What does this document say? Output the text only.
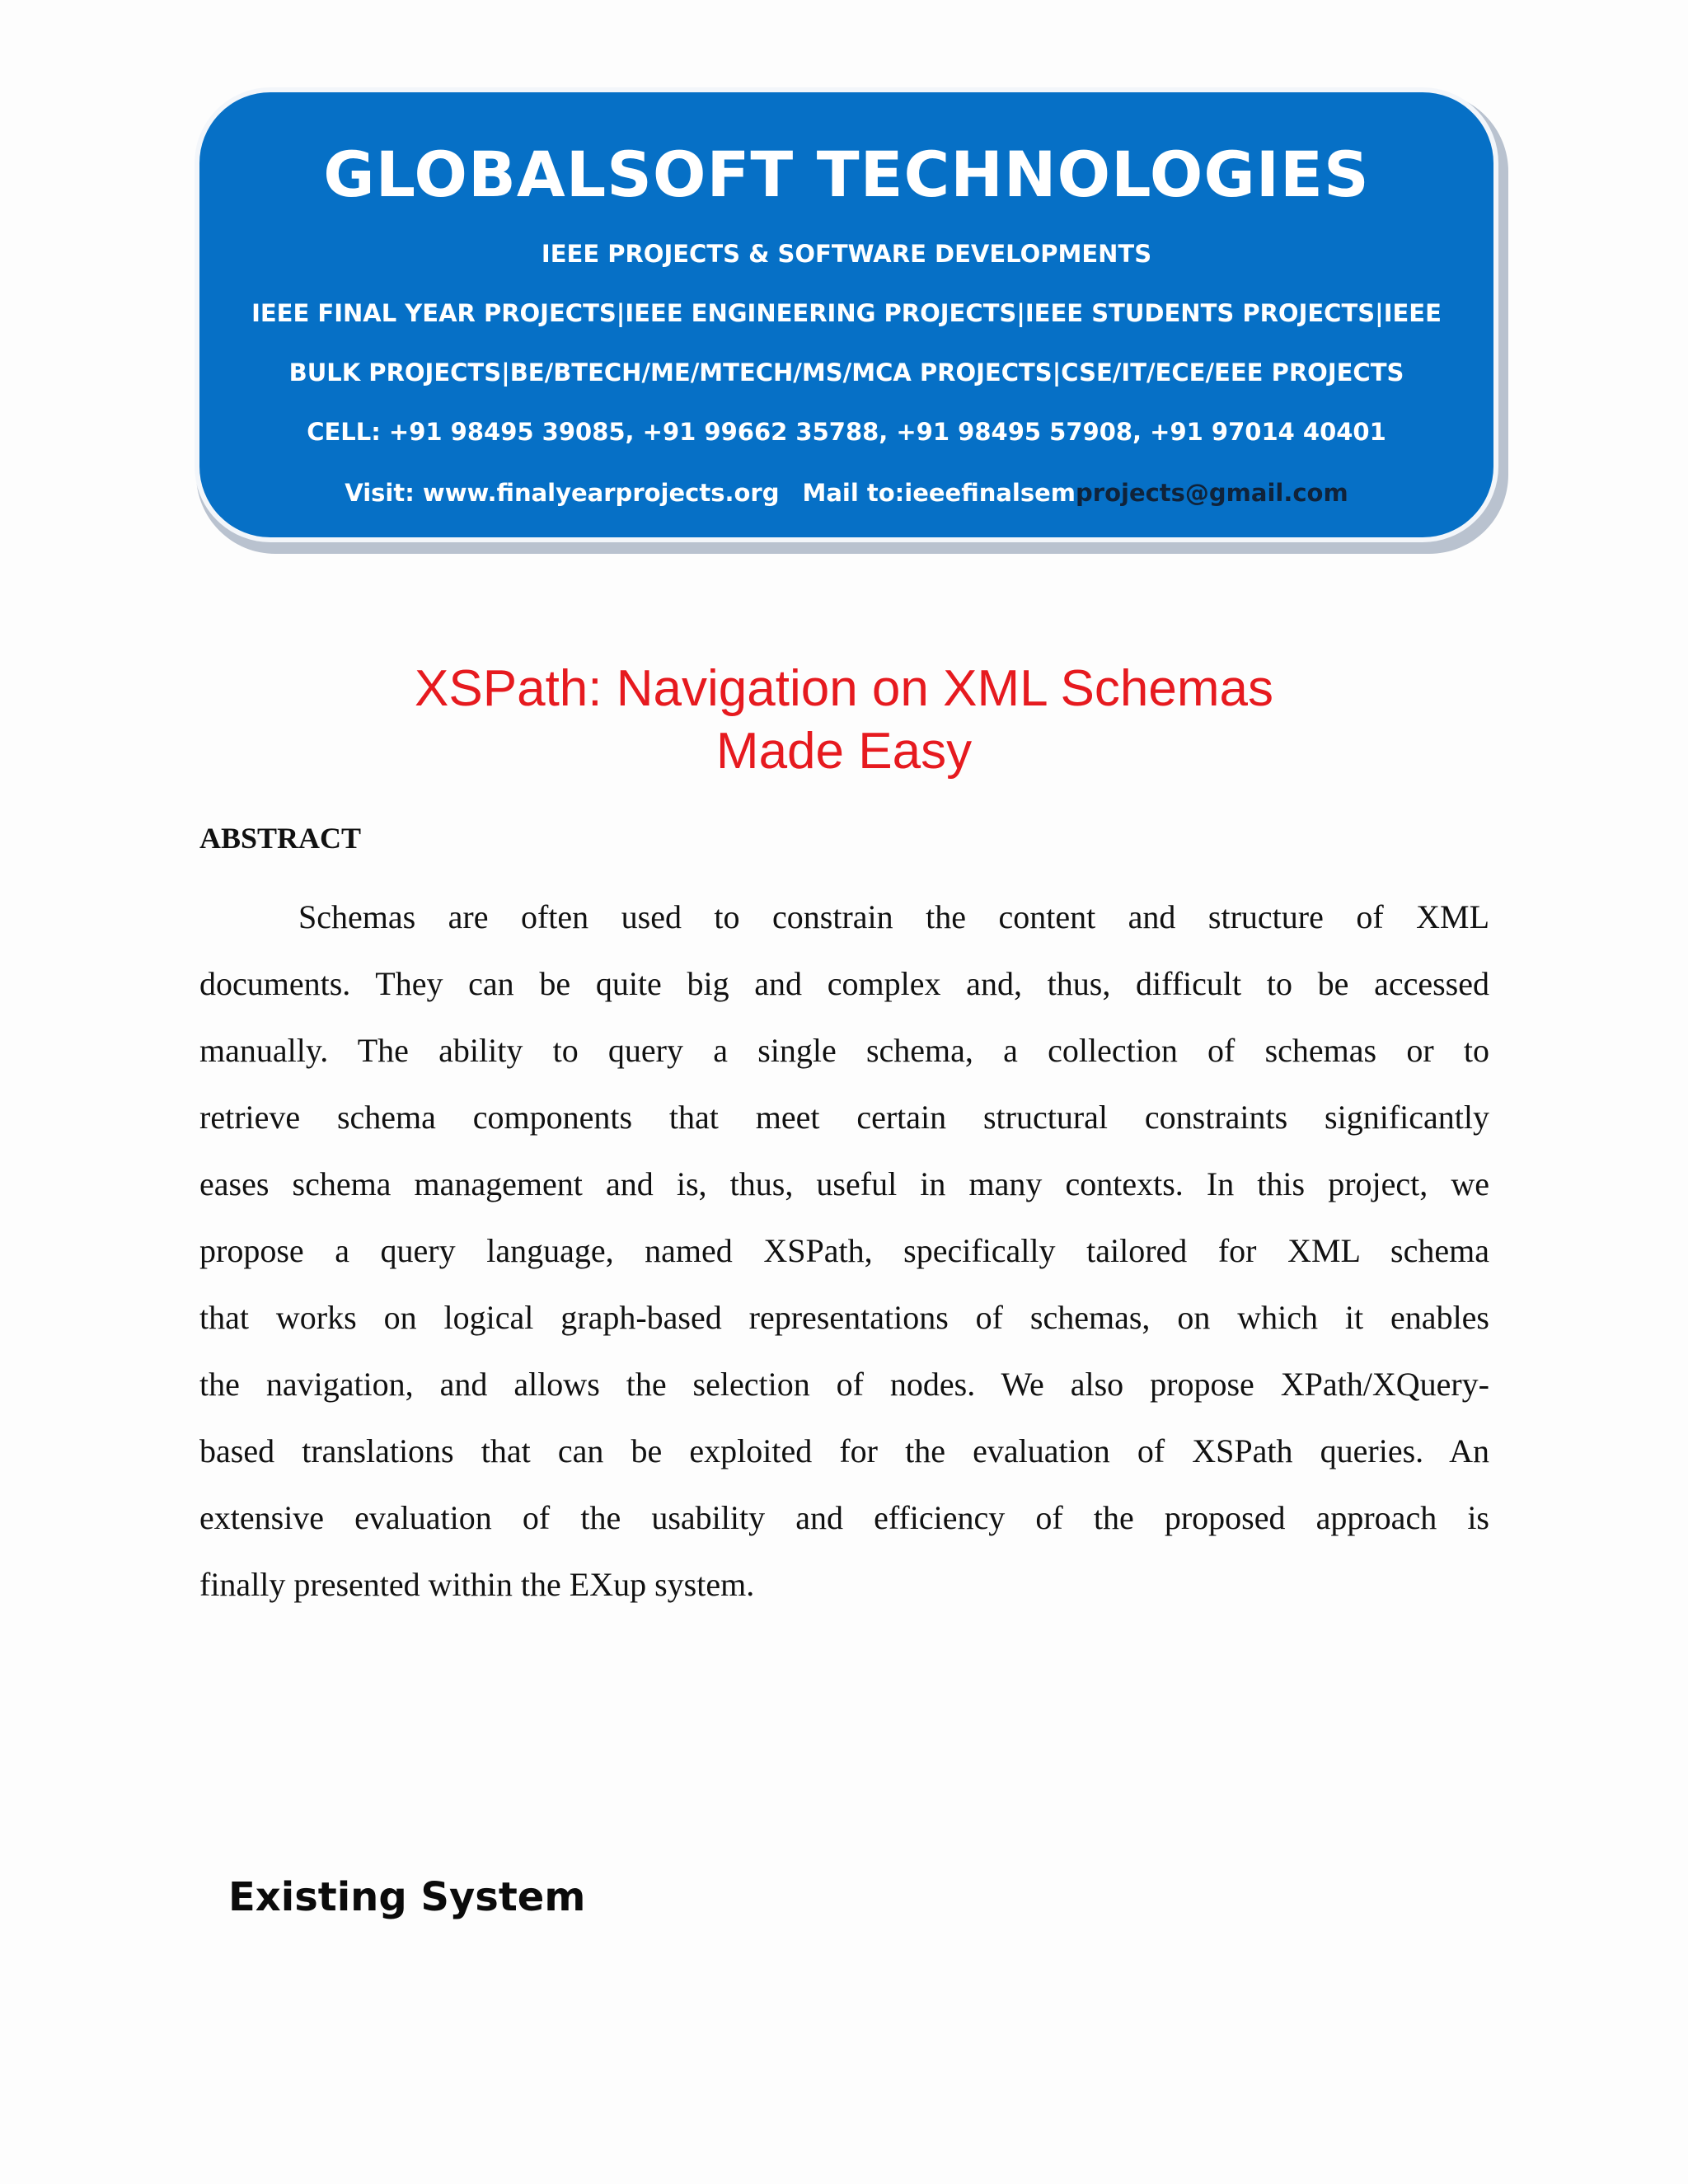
GLOBALSOFT TECHNOLOGIES
IEEE PROJECTS & SOFTWARE DEVELOPMENTS
IEEE FINAL YEAR PROJECTS|IEEE ENGINEERING PROJECTS|IEEE STUDENTS PROJECTS|IEEE
BULK PROJECTS|BE/BTECH/ME/MTECH/MS/MCA PROJECTS|CSE/IT/ECE/EEE PROJECTS
CELL: +91 98495 39085, +91 99662 35788, +91 98495 57908, +91 97014 40401
Visit: www.finalyearprojects.org Mail to:ieeefinalsemprojects@gmail.com
XSPath: Navigation on XML Schemas
Made Easy
ABSTRACT
Schemas are often used to constrain the content and structure of XML
documents. They can be quite big and complex and, thus, difficult to be accessed
manually. The ability to query a single schema, a collection of schemas or to
retrieve schema components that meet certain structural constraints significantly
eases schema management and is, thus, useful in many contexts. In this project, we
propose a query language, named XSPath, specifically tailored for XML schema
that works on logical graph-based representations of schemas, on which it enables
the navigation, and allows the selection of nodes. We also propose XPath/XQuery-
based translations that can be exploited for the evaluation of XSPath queries. An
extensive evaluation of the usability and efficiency of the proposed approach is
finally presented within the EXup system.
Existing System
